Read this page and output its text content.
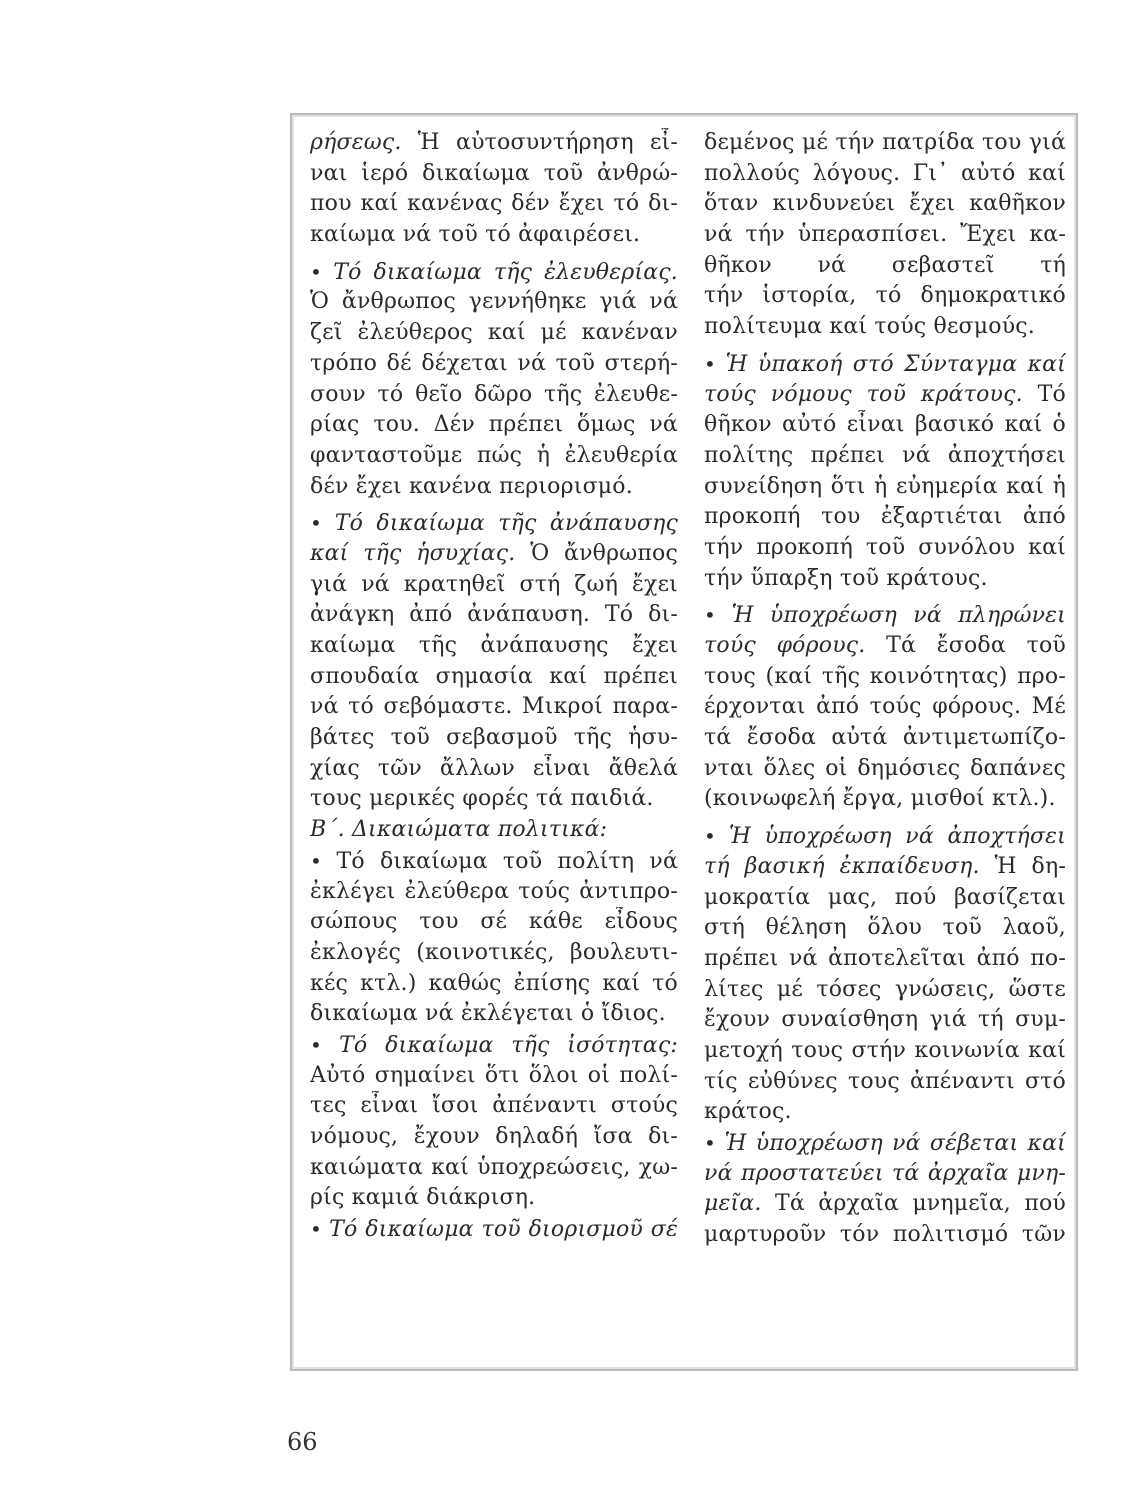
ρήσεως. Ἡ αὐτοσυντήρηση εἶ-
ναι ἱερό δικαίωμα τοῦ ἀνθρώ-
που καί κανένας δέν ἔχει τό δι-
καίωμα νά τοῦ τό ἀφαιρέσει.
• Τό δικαίωμα τῆς ἐλευθερίας.
Ὁ ἄνθρωπος γεννήθηκε γιά νά
ζεῖ ἐλεύθερος καί μέ κανέναν
τρόπο δέ δέχεται νά τοῦ στερή-
σουν τό θεῖο δῶρο τῆς ἐλευθε-
ρίας του. Δέν πρέπει ὅμως νά
φανταστοῦμε πώς ἡ ἐλευθερία
δέν ἔχει κανένα περιορισμό.
• Τό δικαίωμα τῆς ἀνάπαυσης
καί τῆς ἡσυχίας. Ὁ ἄνθρωπος
γιά νά κρατηθεῖ στή ζωή ἔχει
ἀνάγκη ἀπό ἀνάπαυση. Τό δι-
καίωμα τῆς ἀνάπαυσης ἔχει
σπουδαία σημασία καί πρέπει
νά τό σεβόμαστε. Μικροί παρα-
βάτες τοῦ σεβασμοῦ τῆς ἡσυ-
χίας τῶν ἄλλων εἶναι ἄθελά
τους μερικές φορές τά παιδιά.
Β΄. Δικαιώματα πολιτικά:
• Τό δικαίωμα τοῦ πολίτη νά
ἐκλέγει ἐλεύθερα τούς ἀντιπρο-
σώπους του σέ κάθε εἶδους
ἐκλογές (κοινοτικές, βουλευτι-
κές κτλ.) καθώς ἐπίσης καί τό
δικαίωμα νά ἐκλέγεται ὁ ἴδιος.
• Τό δικαίωμα τῆς ἰσότητας:
Αὐτό σημαίνει ὅτι ὅλοι οἱ πολί-
τες εἶναι ἴσοι ἀπέναντι στούς
νόμους, ἔχουν δηλαδή ἴσα δι-
καιώματα καί ὑποχρεώσεις, χω-
ρίς καμιά διάκριση.
• Τό δικαίωμα τοῦ διορισμοῦ σέ
δεμένος μέ τήν πατρίδα του γιά
πολλούς λόγους. Γι᾽ αὐτό καί
ὅταν κινδυνεύει ἔχει καθῆκον
νά τήν ὑπερασπίσει. Ἔχει κα-
θῆκον νά σεβαστεῖ τή
τήν ἱστορία, τό δημοκρατικό
πολίτευμα καί τούς θεσμούς.
• Ἡ ὑπακοή στό Σύνταγμα καί
τούς νόμους τοῦ κράτους. Τό
θῆκον αὐτό εἶναι βασικό καί ὁ
πολίτης πρέπει νά ἀποχτήσει
συνείδηση ὅτι ἡ εὐημερία καί ἡ
προκοπή του ἐξαρτιέται ἀπό
τήν προκοπή τοῦ συνόλου καί
τήν ὕπαρξη τοῦ κράτους.
• Ἡ ὑποχρέωση νά πληρώνει
τούς φόρους. Τά ἔσοδα τοῦ
τους (καί τῆς κοινότητας) προ-
έρχονται ἀπό τούς φόρους. Μέ
τά ἔσοδα αὐτά ἀντιμετωπίζο-
νται ὅλες οἱ δημόσιες δαπάνες
(κοινωφελή ἔργα, μισθοί κτλ.).
• Ἡ ὑποχρέωση νά ἀποχτήσει
τή βασική ἐκπαίδευση. Ἡ δη-
μοκρατία μας, πού βασίζεται
στή θέληση ὅλου τοῦ λαοῦ,
πρέπει νά ἀποτελεῖται ἀπό πο-
λίτες μέ τόσες γνώσεις, ὥστε
ἔχουν συναίσθηση γιά τή συμ-
μετοχή τους στήν κοινωνία καί
τίς εὐθύνες τους ἀπέναντι στό
κράτος.
• Ἡ ὑποχρέωση νά σέβεται καί
νά προστατεύει τά ἀρχαῖα μνη-
μεῖα. Τά ἀρχαῖα μνημεῖα, πού
μαρτυροῦν τόν πολιτισμό τῶν
66
